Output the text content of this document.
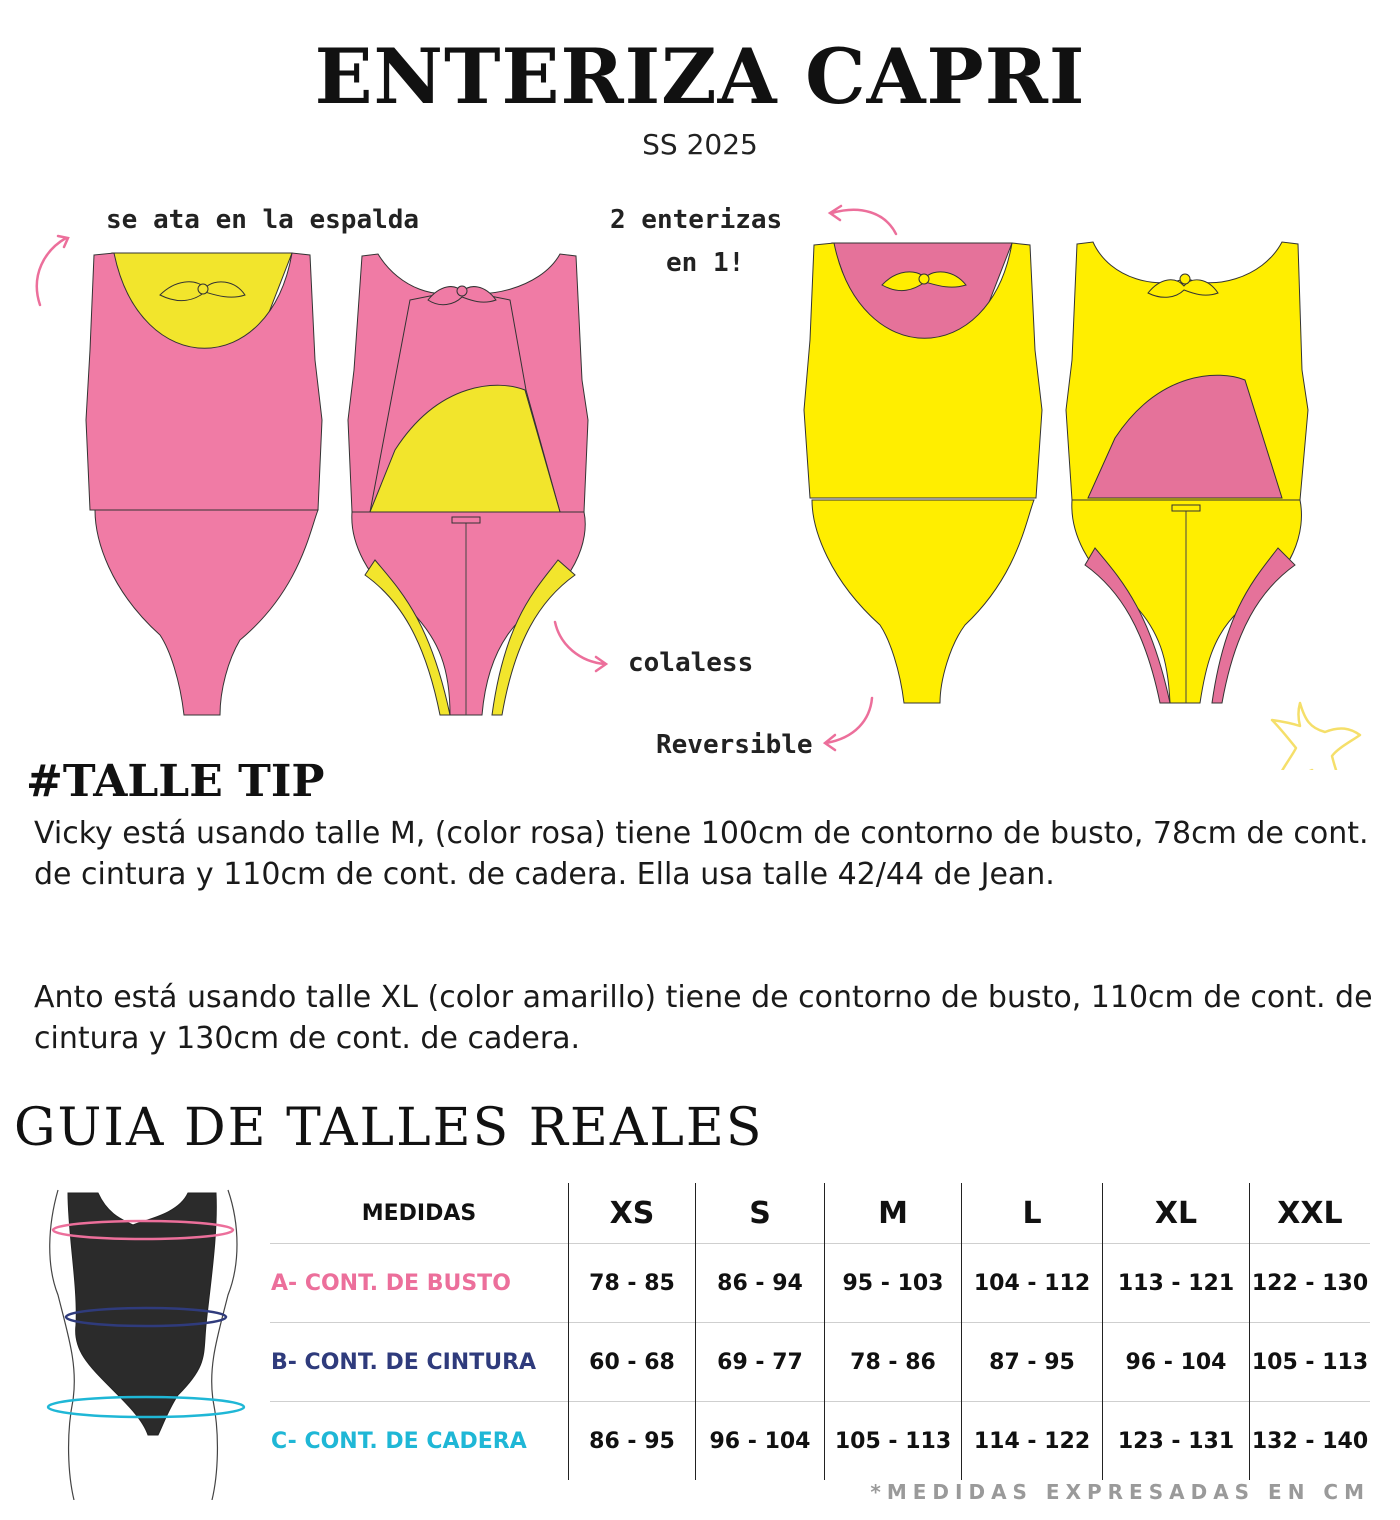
ENTERIZA CAPRI
SS 2025
se ata en la espalda	2 enterizas
en 1!
colaless
Reversible
#TALLE TIP
Vicky está usando talle M, (color rosa) tiene 100cm de contorno de busto, 78cm de cont. de cintura y 110cm de cont. de cadera. Ella usa talle 42/44 de Jean.
Anto está usando talle XL (color amarillo) tiene de contorno de busto, 110cm de cont. de cintura y 130cm de cont. de cadera.
GUIA DE TALLES REALES
MEDIDAS	XS	S	M	L	XL	XXL
A- CONT. DE BUSTO	78 - 85	86 - 94	95 - 103	104 - 112	113 - 121	122 - 130
B- CONT. DE CINTURA	60 - 68	69 - 77	78 - 86	87 - 95	96 - 104	105 - 113
C- CONT. DE CADERA	86 - 95	96 - 104	105 - 113	114 - 122	123 - 131	132 - 140
*MEDIDAS EXPRESADAS EN CM
